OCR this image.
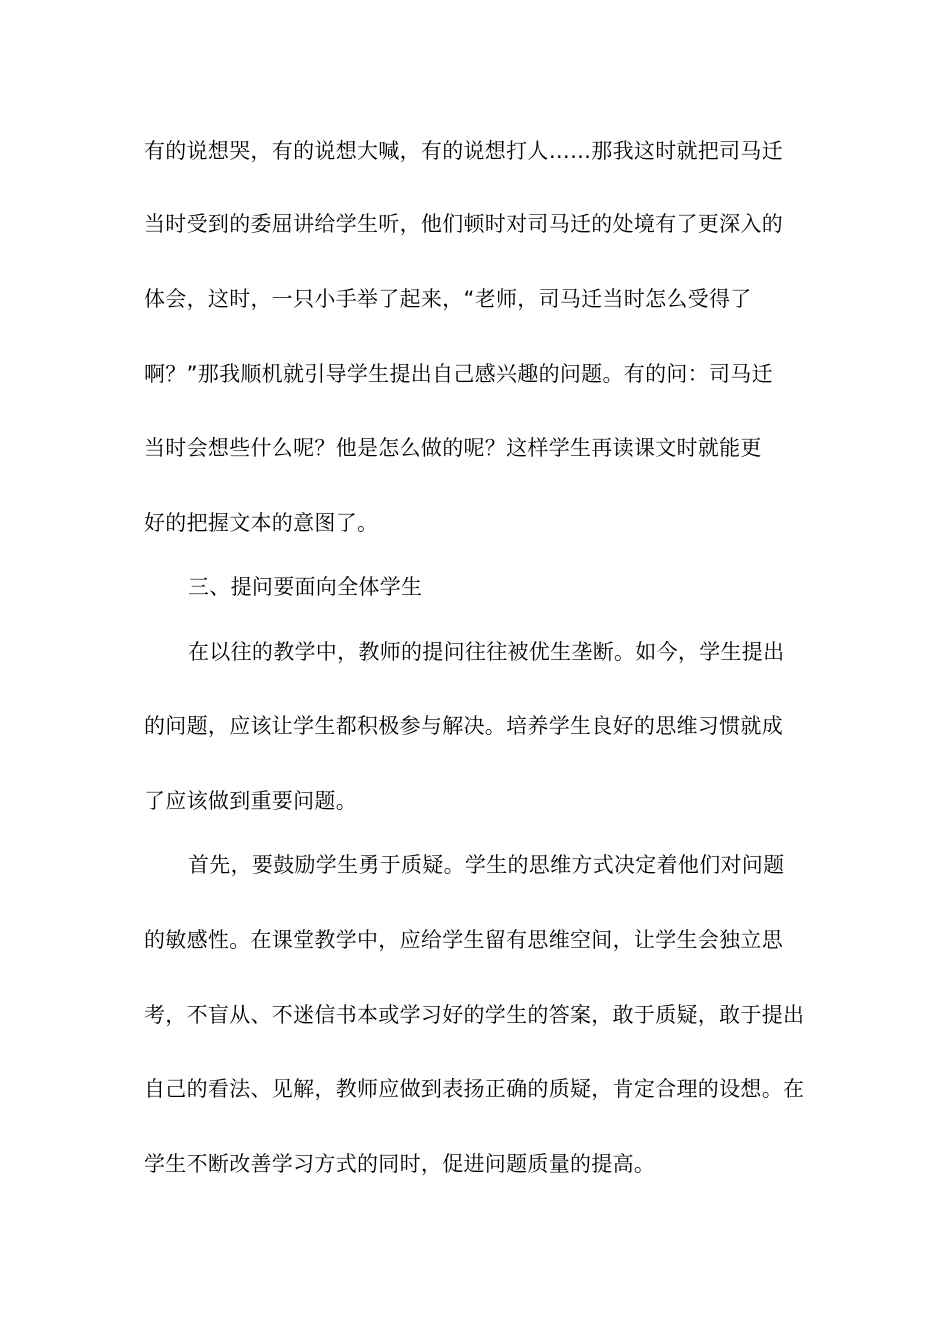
有的说想哭，有的说想大喊，有的说想打人……那我这时就把司马迁
当时受到的委屈讲给学生听，他们顿时对司马迁的处境有了更深入的
体会，这时，一只小手举了起来，“老师，司马迁当时怎么受得了
啊？”那我顺机就引导学生提出自己感兴趣的问题。有的问：司马迁
当时会想些什么呢？他是怎么做的呢？这样学生再读课文时就能更
好的把握文本的意图了。
三、提问要面向全体学生
在以往的教学中，教师的提问往往被优生垄断。如今，学生提出
的问题，应该让学生都积极参与解决。培养学生良好的思维习惯就成
了应该做到重要问题。
首先，要鼓励学生勇于质疑。学生的思维方式决定着他们对问题
的敏感性。在课堂教学中，应给学生留有思维空间，让学生会独立思
考，不盲从、不迷信书本或学习好的学生的答案，敢于质疑，敢于提出
自己的看法、见解，教师应做到表扬正确的质疑，肯定合理的设想。在
学生不断改善学习方式的同时，促进问题质量的提高。
